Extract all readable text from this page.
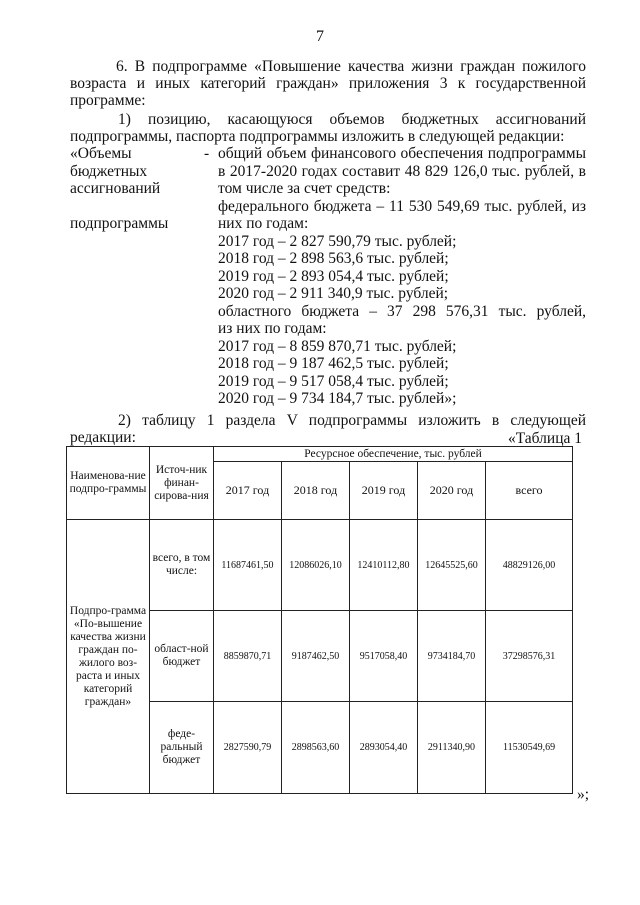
7
6. В подпрограмме «Повышение качества жизни граждан пожилого
возраста и иных категорий граждан» приложения 3 к государственной
программе:
1) позицию, касающуюся объемов бюджетных ассигнований
подпрограммы, паспорта подпрограммы изложить в следующей редакции:
«Объемы
бюджетных
ассигнований
подпрограммы
- общий объем финансового обеспечения подпрограммы
в 2017-2020 годах составит 48 829 126,0 тыс. рублей, в
том числе за счет средств:
федерального бюджета – 11 530 549,69 тыс. рублей, из
них по годам:
2017 год – 2 827 590,79 тыс. рублей;
2018 год – 2 898 563,6 тыс. рублей;
2019 год – 2 893 054,4 тыс. рублей;
2020 год – 2 911 340,9 тыс. рублей;
областного бюджета – 37 298 576,31 тыс. рублей,
из них по годам:
2017 год – 8 859 870,71 тыс. рублей;
2018 год – 9 187 462,5 тыс. рублей;
2019 год – 9 517 058,4 тыс. рублей;
2020 год – 9 734 184,7 тыс. рублей»;
2) таблицу 1 раздела V подпрограммы изложить в следующей редакции:	«Таблица 1
Наименова-ние подпро-граммы	Источ-ник финан-сирова-ния	Ресурсное обеспечение, тыс. рублей				
		2017 год	2018 год	2019 год	2020 год	всего
Подпро-грамма «По-вышение качества жизни граждан по-жилого воз-раста и иных категорий граждан»	всего, в том числе:	11687461,50	12086026,10	12410112,80	12645525,60	48829126,00
	област-ной бюджет	8859870,71	9187462,50	9517058,40	9734184,70	37298576,31
	феде-ральный бюджет	2827590,79	2898563,60	2893054,40	2911340,90	11530549,69
»;
